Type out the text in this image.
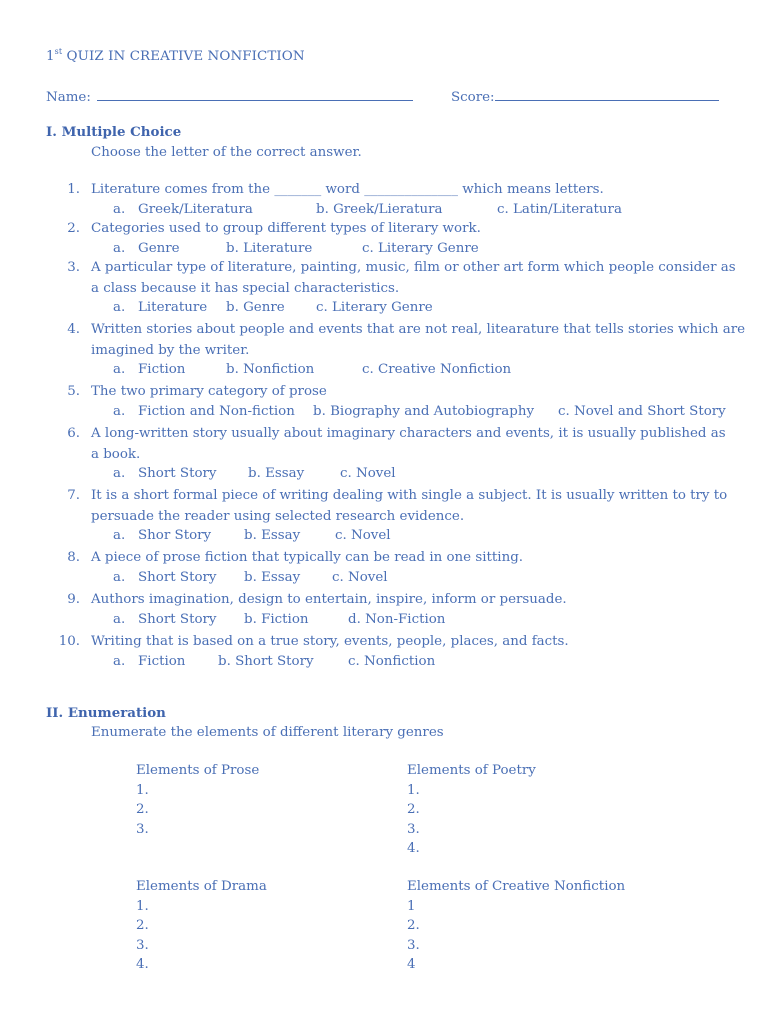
1st QUIZ IN CREATIVE NONFICTION
Name:	Score:
I. Multiple Choice
Choose the letter of the correct answer.
1. Literature comes from the _______ word ______________ which means letters.
a.   Greek/Literatura	b. Greek/Lieratura	c. Latin/Literatura
2. Categories used to group different types of literary work.
a.   Genre	b. Literature	c. Literary Genre
3. A particular type of literature, painting, music, film or other art form which people consider as
a class because it has special characteristics.
a.   Literature b. Genre c. Literary Genre
4. Written stories about people and events that are not real, litearature that tells stories which are
imagined by the writer.
a.   Fiction	b. Nonfiction	c. Creative Nonfiction
5. The two primary category of prose
a.   Fiction and Non-fiction b. Biography and Autobiography c. Novel and Short Story
6. A long-written story usually about imaginary characters and events, it is usually published as
a book.
a.   Short Story b. Essay	c. Novel
7. It is a short formal piece of writing dealing with single a subject. It is usually written to try to
persuade the reader using selected research evidence.
a.   Shor Story b. Essay	c. Novel
8. A piece of prose fiction that typically can be read in one sitting.
a.   Short Story b. Essay c. Novel
9. Authors imagination, design to entertain, inspire, inform or persuade.
a.   Short Story b. Fiction	d. Non-Fiction
10. Writing that is based on a true story, events, people, places, and facts.
a.   Fiction b. Short Story	c. Nonfiction
II. Enumeration
Enumerate the elements of different literary genres
Elements of Prose
1.
2.
3.
Elements of Poetry
1.
2.
3.
4.
Elements of Drama
1.
2.
3.
4.
Elements of Creative Nonfiction
1
2.
3.
4
